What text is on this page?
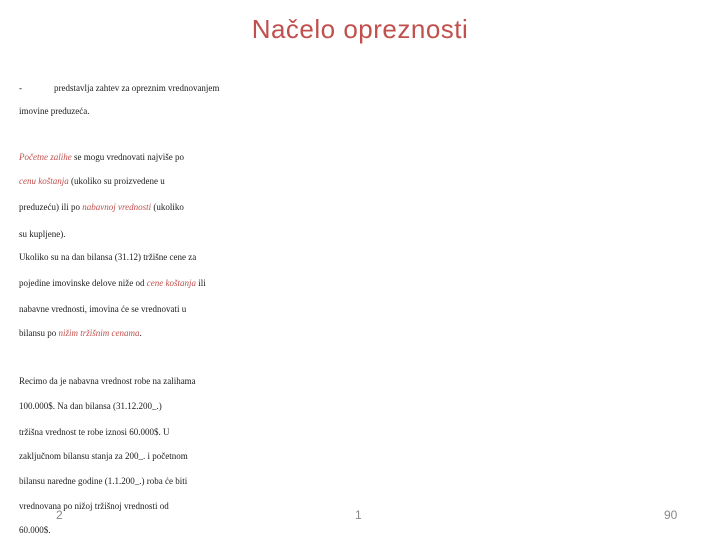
Načelo opreznosti
-	predstavlja zahtev za opreznim vrednovanjem
imovine preduzeća.
Početne zalihe se mogu vrednovati najviše po
cenu koštanja (ukoliko su proizvedene u
preduzeću) ili po nabavnoj vrednosti (ukoliko
su kupljene).
Ukoliko su na dan bilansa (31.12) tržišne cene za
pojedine imovinske delove niže od cene koštanja ili
nabavne vrednosti, imovina će se vrednovati u
bilansu po nižim tržišnim cenama.
Recimo da je nabavna vrednost robe na zalihama
100.000$. Na dan bilansa (31.12.200_.)
tržišna vrednost te robe iznosi 60.000$. U
zaključnom bilansu stanja za 200_. i početnom
bilansu naredne godine (1.1.200_.) roba će biti
vrednovana po nižoj tržišnoj vrednosti od
60.000$.
2	1	90
